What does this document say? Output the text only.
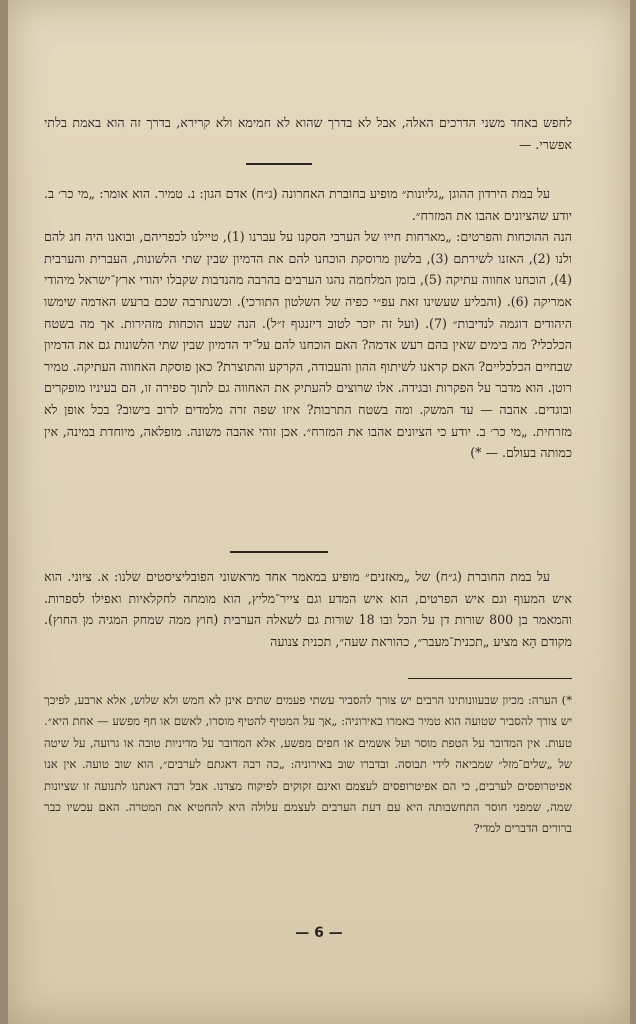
לחפש באחד משני הדרכים האלה, אבל לא בדרך שהוא לא חמימא ולא קרירא, בדרך זה הוא באמת בלתי אפשרי. —

על במת הירדון ההוגן „גליונות״ מופיע בחוברת האחרונה (ג״ח) אדם הגון: נ. טמיר. הוא אומר: „מי כר׳ ב. יודע שהציונים אהבו את המזרח״.

הנה ההוכחות והפרטים: „מארחות חייו של הערבי הסקנו על עברנו (1), טיילנו לכפריהם, ובואנו היה חג להם ולנו (2), האזנו לשירתם (3), בלשון מרוסקת הוכחנו להם את הדמיון שבין שתי הלשונות, העברית והערבית (4), הוכחנו אחווה עתיקה (5), בזמן המלחמה נהגו הערבים בהרבה מהנדבות שקבלו יהודי ארץ־ישראל מיהודי אמריקה (6). (והבליע שעשינו זאת עפ״י כפיה של השלטון התורכי). וכשנתרבה שכם ברעש האדמה שימשו היהודים דוגמה לנדיבות״ (7). (ועל זה יזכר לטוב דיזנגוף ז״ל). הנה שבע הוכחות מזהירות. אך מה בשטח הכלכלי? מה בימים שאין בהם רעש אדמה? האם הוכחנו להם על־יד הדמיון שבין שתי הלשונות גם את הדמיון שבחיים הכלכליים? האם קראנו לשיתוף ההון והעבודה, הקרקע והתוצרת? כאן פוסקת האחווה העתיקה. טמיר רוטן. הוא מדבר על הפקרות ובגידה. אלו שרוצים להעתיק את האחווה גם לתוך ספירה זו, הם בעיניו מופקרים ובוגדים. אהבה — עד המשק. ומה בשטח התרבות? איזו שפה זרה מלמדים לרוב בישוב? בכל אופן לא מזרחית. „מי כר׳ ב. יודע כי הציונים אהבו את המזרח״. אכן זוהי אהבה משונה. מופלאה, מיוחדת במינה, אין כמותה בעולם. — *)

על במת החוברת (ג״ח) של „מאזנים״ מופיע במאמר אחד מראשוני הפובליציסטים שלנו: א. ציוני. הוא איש המעוף וגם איש הפרטים, הוא איש המדע וגם צייר־מליץ, הוא מומחה לחקלאיות ואפילו לספרות. והמאמר בן 800 שורות דן על הכל ובו 18 שורות גם לשאלה הערבית (חוץ ממה שמחק המגיה מן החוץ). מקודם הָא מציע „תכנית־מעבר״, כהוראת שעה״, תכנית צנועה

*) הערה: מכיון שבעוונותינו הרבים יש צורך להסביר עשתי פעמים שתים אינן לא חמש ולא שלוש, אלא ארבע, לפיכך יש צורך להסביר שטועה הוא טמיר באמרו באירוניה: „אך על המטיף להטיף מוסרו, לאשם או חף מפשע — אחת היא״. טעות. אין המדובר על הטפת מוסר ועל אשמים או חפים מפשע, אלא המדובר על מדיניות טובה או גרועה, על שיטה של „שלים־מזל״ שמביאה לידי תבוסה. ובדברו שוב באירוניה: „כה רבה דאגתם לערבים״, הוא שוב טועה. אין אנו אפיטרופסים לערבים, כי הם אפיטרופסים לעצמם ואינם זקוקים לפיקוח מצדנו. אבל רבה דאגתנו לתנועה זו שציונות שמה, שמפני חוסר התחשבותה היא עם דעת הערבים לעצמם עלולה היא להחטיא את המטרה. האם עכשיו כבר ברורים הדברים למדי?

— 6 —
